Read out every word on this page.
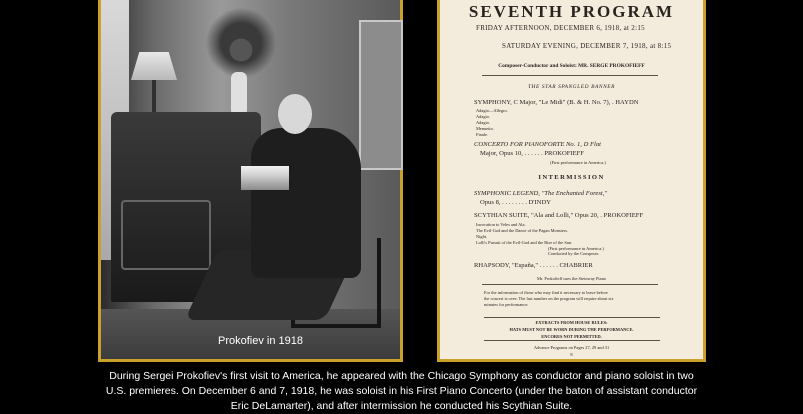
Prokofiev in 1918
SEVENTH PROGRAM
FRIDAY AFTERNOON, DECEMBER 6, 1918, at 2:15
SATURDAY EVENING, DECEMBER 7, 1918, at 8:15
Composer-Conductor and Soloist: MR. SERGE PROKOFIEFF
THE STAR SPANGLED BANNER
SYMPHONY, C Major, "Le Midi" (B. & H. No. 7), . HAYDN
Adagio—Allegro.
Adagio.
Adagio.
Menuetto.
Finale.
CONCERTO FOR PIANOFORTE No. 1, D Flat
Major, Opus 10, . . . . . . PROKOFIEFF
(First performance in America.)
INTERMISSION
SYMPHONIC LEGEND, "The Enchanted Forest,"
Opus 8, . . . . . . . . D'INDY
SCYTHIAN SUITE, "Ala and Lolli," Opus 20, . PROKOFIEFF
Invocation to Veles and Ala.
The Evil-God and the Dance of the Pagan Monsters.
Night.
Lolli's Pursuit of the Evil-God and the Rise of the Sun.
(First performance in America.)
Conducted by the Composer.
RHAPSODY, "España," . . . . . . CHABRIER
Mr. Prokofieff uses the Steinway Piano
For the information of those who may find it necessary to leave before
the concert is over: The last number on the program will require about six
minutes for performance.
EXTRACTS FROM HOUSE RULES:
HATS MUST NOT BE WORN DURING THE PERFORMANCE.
ENCORES NOT PERMITTED.
Advance Programs on Pages 27, 29 and 31
8
During Sergei Prokofiev's first visit to America, he appeared with the Chicago Symphony as conductor and piano soloist in two
U.S. premieres. On December 6 and 7, 1918, he was soloist in his First Piano Concerto (under the baton of assistant conductor
Eric DeLamarter), and after intermission he conducted his Scythian Suite.
